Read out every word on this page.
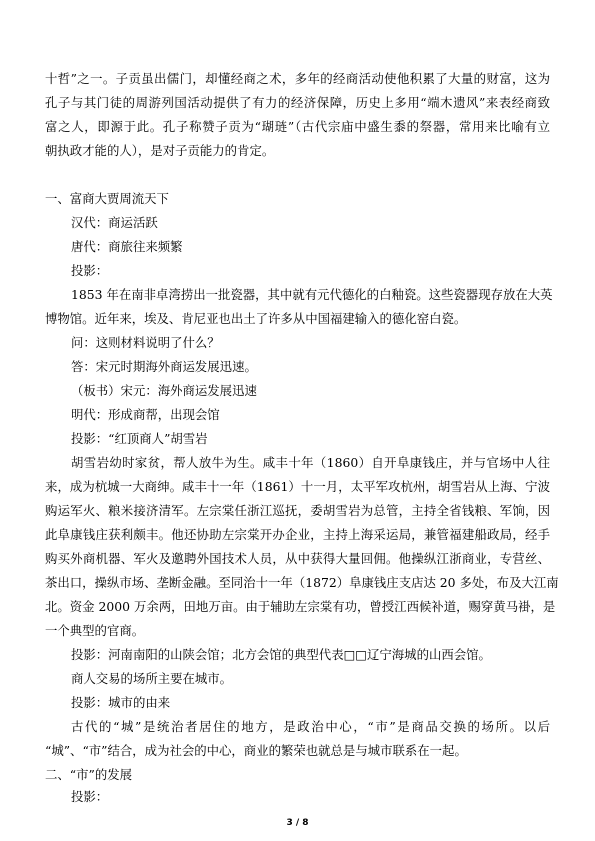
十哲”之一。子贡虽出儒门，却懂经商之术，多年的经商活动使他积累了大量的财富，这为

孔子与其门徒的周游列国活动提供了有力的经济保障，历史上多用“端木遗风”来表经商致

富之人，即源于此。孔子称赞子贡为“瑚琏”（古代宗庙中盛生黍的祭器，常用来比喻有立

朝执政才能的人），是对子贡能力的肯定。

一、富商大贾周流天下

汉代：商运活跃

唐代：商旅往来频繁

投影：

1853 年在南非卓湾捞出一批瓷器，其中就有元代德化的白釉瓷。这些瓷器现存放在大英

博物馆。近年来，埃及、肯尼亚也出土了许多从中国福建输入的德化窑白瓷。

问：这则材料说明了什么？

答：宋元时期海外商运发展迅速。

（板书）宋元：海外商运发展迅速

明代：形成商帮，出现会馆

投影：“红顶商人”胡雪岩

胡雪岩幼时家贫，帮人放牛为生。咸丰十年（1860）自开阜康钱庄，并与官场中人往

来，成为杭城一大商绅。咸丰十一年（1861）十一月，太平军攻杭州，胡雪岩从上海、宁波

购运军火、粮米接济清军。左宗棠任浙江巡抚，委胡雪岩为总管，主持全省钱粮、军饷，因

此阜康钱庄获利颇丰。他还协助左宗棠开办企业，主持上海采运局，兼管福建船政局，经手

购买外商机器、军火及邀聘外国技术人员，从中获得大量回佣。他操纵江浙商业，专营丝、

茶出口，操纵市场、垄断金融。至同治十一年（1872）阜康钱庄支店达 20 多处，布及大江南

北。资金 2000 万余两，田地万亩。由于辅助左宗棠有功，曾授江西候补道，赐穿黄马褂，是

一个典型的官商。

投影：河南南阳的山陕会馆；北方会馆的典型代表□□辽宁海城的山西会馆。

商人交易的场所主要在城市。

投影：城市的由来

古代的“城”是统治者居住的地方，是政治中心，“市”是商品交换的场所。以后

“城”、“市”结合，成为社会的中心，商业的繁荣也就总是与城市联系在一起。

二、“市”的发展

投影：

3 / 8
